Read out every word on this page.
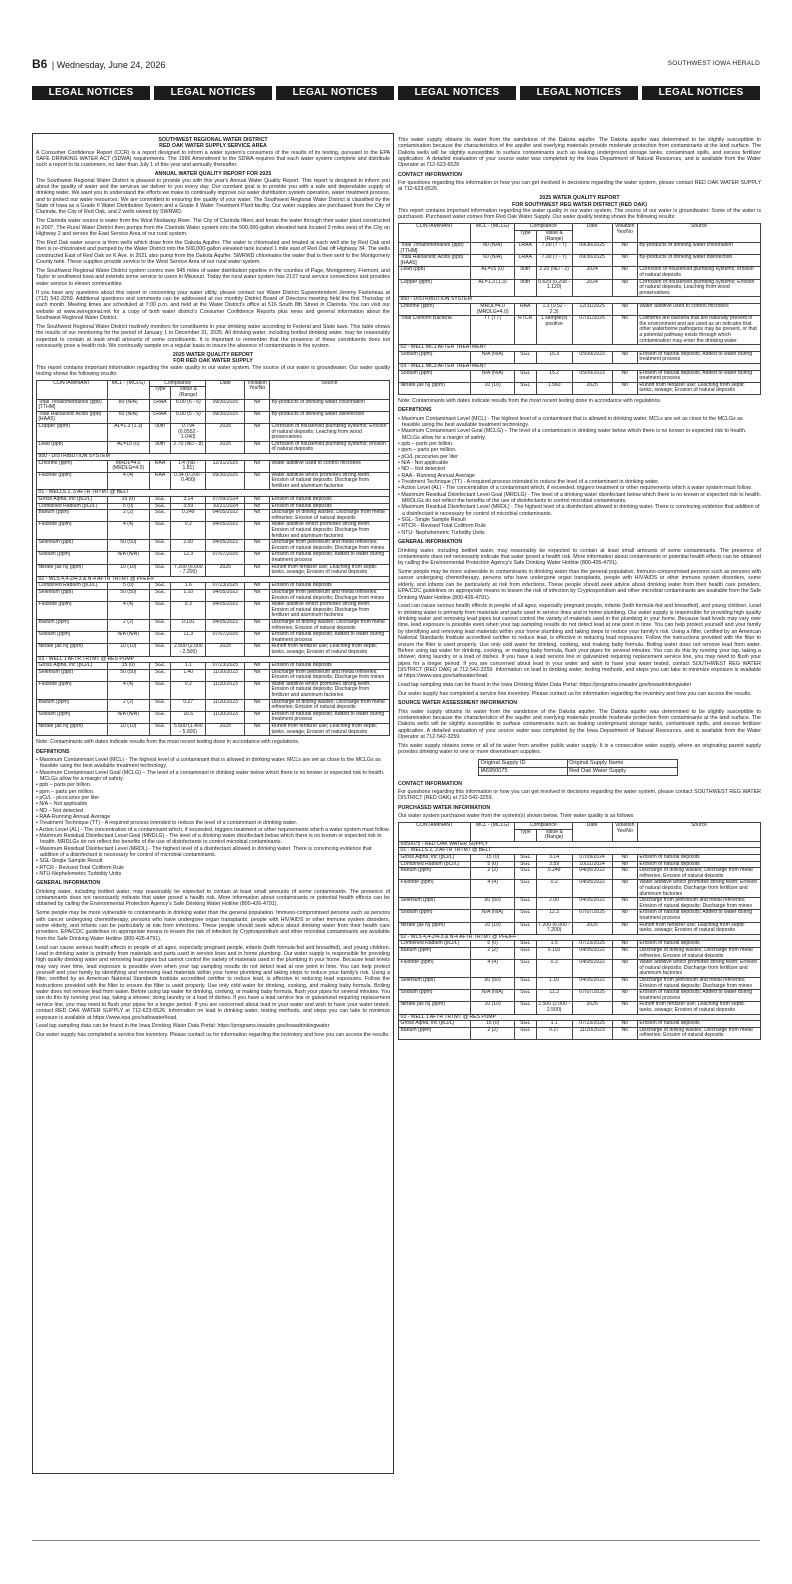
B6 | Wednesday, June 24, 2026	SOUTHWEST IOWA HERALD
LEGAL NOTICES	LEGAL NOTICES	LEGAL NOTICES	LEGAL NOTICES	LEGAL NOTICES	LEGAL NOTICES
SOUTHWEST REGIONAL WATER DISTRICT
RED OAK WATER SUPPLY SERVICE AREA

A Consumer Confidence Report (CCR) is a report designed to inform a water system's consumers of the results of its testing, pursuant to the EPA SAFE DRINKING WATER ACT (SDWA) requirements. The 1996 Amendment to the SDWA requires that each water system complete and distribute such a report to its customers, no later than July 1 of this year and annually thereafter.

ANNUAL WATER QUALITY REPORT FOR 2025

The Southwest Regional Water District is pleased to provide you with this year's Annual Water Quality Report. This report is designed to inform you about the quality of water and the services we deliver to you every day. Our constant goal is to provide you with a safe and dependable supply of drinking water. We want you to understand the efforts we make to continually improve our water distribution system operation, water treatment process, and to protect our water resources. We are committed to ensuring the quality of your water. The Southwest Regional Water District is classified by the State of Iowa as a Grade II Water Distribution System and a Grade II Water Treatment Plant facility. Our water supplies are purchased from the City of Clarinda, the City of Red Oak, and 2 wells owned by SWRWD.

The Clarinda water source is water from the West Nodaway River. The City of Clarinda filters and treats the water through their water plant constructed in 2007. The Rural Water District then pumps from the Clarinda Water system into the 500,000-gallon elevated tank located 3 miles west of the City on Highway 2 and serves the East Service Area of our rural system.

The Red Oak water source is from wells which draw from the Dakota Aquifer. The water is chlorinated and treated at each well site by Red Oak and then is re-chlorinated and pumped by the Water District into the 500,000-gallon elevated tank located 1 mile east of Red Oak off Highway 34. The wells constructed East of Red Oak on K Ave. in 2021 also pump from the Dakota Aquifer. SWRWD chlorinates the water that is then sent to the Montgomery County tank. These supplies provide service to the West Service Area of our rural water system.

The Southwest Regional Water District system covers over 945 miles of water distribution pipeline in the counties of Page, Montgomery, Fremont, and Taylor in southwest Iowa and extends some service to users in Missouri. Today the rural water system has 2137 rural service connections and provides water service to eleven communities.

If you have any questions about this report or concerning your water utility, please contact our Water District Superintendent Jeremy Fasteneau at (712) 542-3259. Additional questions and comments can be addressed at our monthly District Board of Directors meeting held the first Thursday of each month. Meeting times are scheduled at 7:00 p.m. and held at the Water District's office at 516 South 8th Street in Clarinda. You can visit our website at www.swregional.net for a copy of both water district's Consumer Confidence Reports plus news and general information about the Southwest Regional Water District.

The Southwest Regional Water District routinely monitors for constituents in your drinking water according to Federal and State laws. This table shows the results of our monitoring for the period of January 1 to December 31, 2025. All drinking water, including bottled drinking water, may be reasonably expected to contain at least small amounts of some constituents. It is important to remember that the presence of these constituents does not necessarily pose a health risk. We continually sample on a regular basis to insure the absence of contaminants in the system.

2025 WATER QUALITY REPORT
FOR RED OAK WATER SUPPLY

This report contains important information regarding the water quality in our water system. The source of our water is groundwater. Our water quality testing shows the following results:

CONTAMINANT	MCL - (MCLG)	Compliance		Date	Violation Yes/No	Source
		Type	Value & (Range)			
Total Trihalomethanes (ppb) [TTHM]	80 (N/A)	LRAA	6.00 (6 - 6)	09/30/2025	No	By-products of drinking water chlorination
Total Haloacetic Acids (ppb) [HAA5]	60 (N/A)	LRAA	5.00 (5 - 5)	09/30/2025	No	By-products of drinking water disinfection
Copper (ppm)	AL=1.3 (1.3)	90th	0.794 (0.0552 - 1.040)	2025	No	Corrosion of household plumbing systems; Erosion of natural deposits; Leaching from wood preservatives
Lead (ppb)	AL=15 (0)	90th	2.70 (ND - 8)	2025	No	Corrosion of household plumbing systems; erosion of natural deposits
950 - DISTRIBUTION SYSTEM						
Chlorine (ppm)	MRDL=4.0 (MRDLG=4.0)	RAA	1.4 (ND - 1.81)	12/31/2025	No	Water additive used to control microbes
Fluoride (ppm)	4 (4)	RAA	0.34 (0.200 - 0.400)	09/30/2025	No	Water additive which promotes strong teeth; Erosion of natural deposits; Discharge from fertilizer and aluminum factories
01 - WELLS 2, 3 AFTR TRTMT @ BELT						
Gross Alpha, inc (pCi/L)	15 (0)	SGL	3.14	07/09/2024	No	Erosion of natural deposits
Combined Radium (pCi/L)	5 (0)	SGL	3.59	10/21/2024	No	Erosion of natural deposits
Barium (ppm)	2 (2)	SGL	0.249	04/05/2022	No	Discharge of drilling wastes; Discharge from metal refineries; Erosion of natural deposits
Fluoride (ppm)	4 (4)	SGL	0.2	04/05/2022	No	Water additive which promotes strong teeth; Erosion of natural deposits; Discharge from fertilizer and aluminum factories
Selenium (ppb)	50 (50)	SGL	2.00	04/05/2022	No	Discharge from petroleum and metal refineries; Erosion of natural deposits; Discharge from mines
Sodium (ppm)	N/A (N/A)	SGL	12.3	07/07/2025	No	Erosion of natural deposits; Added to water during treatment process
Nitrate [as N] (ppm)	10 (10)	SGL	7.200 (6.000 - 7.200)	2025	No	Runoff from fertilizer use; Leaching from septic tanks, sewage; Erosion of natural deposits
02 - WLS 4,4-2/4-3 & N-4 AFTR TRTMT @ PFEIFF						
Combined Radium (pCi/L)	5 (0)	SGL	1.6	07/23/2025	No	Erosion of natural deposits
Selenium (ppb)	50 (50)	SGL	1.10	04/05/2022	No	Discharge from petroleum and metal refineries; Erosion of natural deposits; Discharge from mines
Fluoride (ppm)	4 (4)	SGL	0.3	04/05/2022	No	Water additive which promotes strong teeth; Erosion of natural deposits; Discharge from fertilizer and aluminum factories
Barium (ppm)	2 (2)	SGL	0.191	04/05/2022	No	Discharge of drilling wastes; Discharge from metal refineries; Erosion of natural deposits
Sodium (ppm)	N/A (N/A)	SGL	11.3	07/07/2025	No	Erosion of natural deposits; Added to water during treatment process
Nitrate [as N] (ppm)	10 (10)	SGL	2.500 (2.000 - 2.500)	2025	No	Runoff from fertilizer use; Leaching from septic tanks, sewage; Erosion of natural deposits
03 - WELL 1 AFTR TRTMT @ RES PUMP						
Gross Alpha, inc (pCi/L)	15 (0)	SGL	1.1	07/23/2025	No	Erosion of natural deposits
Selenium (ppb)	50 (50)	SGL	1.40	11/20/2023	No	Discharge from petroleum and metal refineries; Erosion of natural deposits; Discharge from mines
Fluoride (ppm)	4 (4)	SGL	0.2	11/20/2023	No	Water additive which promotes strong teeth; Erosion of natural deposits; Discharge from fertilizer and aluminum factories
Barium (ppm)	2 (2)	SGL	0.27	11/20/2023	No	Discharge of drilling wastes; Discharge from metal refineries; Erosion of natural deposits
Sodium (ppm)	N/A (N/A)	SGL	16.6	11/20/2023	No	Erosion of natural deposits; Added to water during treatment process
Nitrate [as N] (ppm)	10 (10)	SGL	5.600 (1.400 - 5.600)	2025	No	Runoff from fertilizer use; Leaching from septic tanks, sewage; Erosion of natural deposits

Note: Contaminants with dates indicate results from the most recent testing done in accordance with regulations.

DEFINITIONS
• Maximum Contaminant Level (MCL) - The highest level of a contaminant that is allowed in drinking water. MCLs are set as close to the MCLGs as feasible using the best available treatment technology.
• Maximum Contaminant Level Goal (MCLG) – The level of a contaminant in drinking water below which there is no known or expected risk to health. MCLGs allow for a margin of safety.
• ppb – parts per billion.
• ppm – parts per million.
• pCi/L - picocuries per liter
• N/A – Not applicable
• ND – Not detected
• RAA-Running Annual Average
• Treatment Technique (TT) - A required process intended to reduce the level of a contaminant in drinking water.
• Action Level (AL) - The concentration of a contaminant which, if exceeded, triggers treatment or other requirements which a water system must follow.
• Maximum Residual Disinfectant Level Goal (MRDLG) - The level of a drinking water disinfectant below which there is no known or expected risk to health. MRDLGs do not reflect the benefits of the use of disinfectants to control microbial contaminants.
• Maximum Residual Disinfectant Level (MRDL) - The highest level of a disinfectant allowed in drinking water. There is convincing evidence that addition of a disinfectant is necessary for control of microbial contaminants.
• SGL-Single Sample Result
• RTCR - Revised Total Coliform Rule
• NTU-Nephelometric Turbidity Units
GENERAL INFORMATION

Drinking water, including bottled water, may reasonably be expected to contain at least small amounts of some contaminants. The presence of contaminants does not necessarily indicate that water posed a health risk. More information about contaminants or potential health effects can be obtained by calling the Environmental Protection Agency's Safe Drinking Water Hotline (800-426-4791).

Some people may be more vulnerable to contaminants in drinking water than the general population. Immuno-compromised persons such as persons with cancer undergoing chemotherapy, persons who have undergone organ transplants, people with HIV/AIDS or other immune system disorders, some elderly, and infants can be particularly at risk from infections. These people should seek advice about drinking water from their health care providers. EPA/CDC guidelines on appropriate means to lessen the risk of infection by Cryptosporidium and other microbial contaminants are available from the Safe Drinking Water Hotline (800-426-4791).

Lead can cause serious health effects in people of all ages, especially pregnant people, infants (both formula-fed and breastfed), and young children. Lead in drinking water is primarily from materials and parts used in service lines and in home plumbing. Our water supply is responsible for providing high quality drinking water and removing lead pipes but cannot control the variety of materials used in the plumbing in your home. Because lead levels may vary over time, lead exposure is possible even when your tap sampling results do not detect lead at one point in time. You can help protect yourself and your family by identifying and removing lead materials within your home plumbing and taking steps to reduce your family's risk. Using a filter, certified by an American National Standards Institute accredited certifier to reduce lead, is effective in reducing lead exposures. Follow the instructions provided with the filter to ensure the filter is used properly. Use only cold water for drinking, cooking, and making baby formula. Boiling water does not remove lead from water. Before using tap water for drinking, cooking, or making baby formula, flush your pipes for several minutes. You can do this by running your tap, taking a shower, doing laundry or a load of dishes. If you have a lead service line or galvanized requiring replacement service line, you may need to flush your pipes for a longer period. If you are concerned about lead in your water and wish to have your water tested, contact RED OAK WATER SUPPLY at 712-623-6526. Information on lead in drinking water, testing methods, and steps you can take to minimize exposure is available at https://www.epa.gov/safewater/lead.

Lead tap sampling data can be found in the Iowa Drinking Water Data Portal: https://programs.iowadnr.gov/iowadrinkingwater

Our water supply has completed a service line inventory. Please contact us for information regarding the inventory and how you can access the results.

This water supply obtains its water from the sandstone of the Dakota aquifer. The Dakota aquifer was determined to be slightly susceptible to contamination because the characteristics of the aquifer and overlying materials provide moderate protection from contaminants at the land surface. The Dakota wells will be slightly susceptible to surface contaminants such as leaking underground storage tanks, contaminant spills, and excess fertilizer application. A detailed evaluation of your source water was completed by the Iowa Department of Natural Resources, and is available from the Water Operator at 712-623-6526

CONTACT INFORMATION

For questions regarding this information or how you can get involved in decisions regarding the water system, please contact RED OAK WATER SUPPLY at 712-623-6526.

2025 WATER QUALITY REPORT
FOR SOUTHWEST REG WATER DISTRICT (RED OAK)

This report contains important information regarding the water quality in our water system. The source of our water is groundwater. Some of the water is purchased. Purchased water comes from Red Oak Water Supply. Our water quality testing shows the following results:

CONTAMINANT	MCL - (MCLG)	Compliance		Date	Violation Yes/No	Source
		Type	Value & (Range)			
Total Trihalomethanes (ppb) [TTHM]	80 (N/A)	LRAA	7.00 (7 - 7)	09/30/2025	No	By-products of drinking water chlorination
Total Haloacetic Acids (ppb) [HAA5]	60 (N/A)	LRAA	7.00 (7 - 7)	09/30/2025	No	By-products of drinking water disinfection
Lead (ppb)	AL=15 (0)	90th	2.20 (ND - 2)	2024	No	Corrosion of household plumbing systems; erosion of natural deposits
Copper (ppm)	AL=1.3 (1.3)	90th	0.629 (0.208 - 1.120)	2024	No	Corrosion of household plumbing systems; Erosion of natural deposits; Leaching from wood preservatives
950 - DISTRIBUTION SYSTEM						
Chlorine (ppm)	MRDL=4.0 (MRDLG=4.0)	RAA	1.3 (0.52 - 2.3)	12/31/2025	No	Water additive used to control microbes
Total Coliform Bacteria	TT (TT)	RTCR	1 sample(s) positive	07/31/2025	No	Coliforms are bacteria that are naturally present in the environment and are used as an indicator that other waterborne pathogens may be present, or that a potential pathway exists through which contamination may enter the drinking water.
02 - WELL MC1 AFTER TREATMENT						
Sodium (ppm)	N/A (N/A)	SGL	15.3	05/09/2023	No	Erosion of natural deposits; Added to water during treatment process
03 - WELL MC3 AFTER TREATMENT						
Sodium (ppm)	N/A (N/A)	SGL	15.2	05/09/2023	No	Erosion of natural deposits; Added to water during treatment process
Nitrate [as N] (ppm)	10 (10)	SGL	1.560	2025	No	Runoff from fertilizer use; Leaching from septic tanks, sewage; Erosion of natural deposits

Note: Contaminants with dates indicate results from the most recent testing done in accordance with regulations.

DEFINITIONS
• Maximum Contaminant Level (MCL) - The highest level of a contaminant that is allowed in drinking water. MCLs are set as close to the MCLGs as feasible using the best available treatment technology.
• Maximum Contaminant Level Goal (MCLG) – The level of a contaminant in drinking water below which there is no known or expected risk to health. MCLGs allow for a margin of safety.
• ppb – parts per billion.
• ppm – parts per million.
• pCi/L picocuries per liter
• N/A - Not applicable
• ND – Not detected
• RAA - Running Annual Average
• Treatment Technique (TT) - A required process intended to reduce the level of a contaminant in drinking water.
• Action Level (AL) - The concentration of a contaminant which, if exceeded, triggers treatment or other requirements which a water system must follow.
• Maximum Residual Disinfectant Level Goal (MRDLG) - The level of a drinking water disinfectant below which there is no known or expected risk to health. MRDLGs do not reflect the benefits of the use of disinfectants to control microbial contaminants.
• Maximum Residual Disinfectant Level (MRDL) - The highest level of a disinfectant allowed in drinking water. There is convincing evidence that addition of a disinfectant is necessary for control of microbial contaminants.
• SGL- Single Sample Result
• RTCR - Revised Total Coliform Rule
• NTU- Nephelometric Turbidity Units
GENERAL INFORMATION

Drinking water, including bottled water, may reasonably be expected to contain at least small amounts of some contaminants. The presence of contaminants does not necessarily indicate that water posed a health risk. More information about contaminants or potential health effects can be obtained by calling the Environmental Protection Agency's Safe Drinking Water Hotline (800-426-4791).

Some people may be more vulnerable to contaminants in drinking water than the general population. Immuno-compromised persons such as persons with cancer undergoing chemotherapy, persons who have undergone organ transplants, people with HIV/AIDS or other immune system disorders, some elderly, and infants can be particularly at risk from infections. These people should seek advice about drinking water from their health care providers. EPA/CDC guidelines on appropriate means to lessen the risk of infection by Cryptosporidium and other microbial contaminants are available from the Safe Drinking Water Hotline (800-426-4791).

Lead can cause serious health effects in people of all ages, especially pregnant people, infants (both formula-fed and breastfed), and young children. Lead in drinking water is primarily from materials and parts used in service lines and in home plumbing. Our water supply is responsible for providing high quality drinking water and removing lead pipes but cannot control the variety of materials used in the plumbing in your home. Because lead levels may vary over time, lead exposure is possible even when your tap sampling results do not detect lead at one point in time. You can help protect yourself and your family by identifying and removing lead materials within your home plumbing and taking steps to reduce your family's risk. Using a filter, certified by an American National Standards Institute accredited certifier to reduce lead, is effective in reducing lead exposures. Follow the instructions provided with the filter to ensure the filter is used properly. Use only cold water for drinking, cooking, and making baby formula. Boiling water does not remove lead from water. Before using tap water for drinking, cooking, or making baby formula, flush your pipes for several minutes. You can do this by running your tap, taking a shower, doing laundry or a load of dishes. If you have a lead service line or galvanized requiring replacement service line, you may need to flush your pipes for a longer period. If you are concerned about lead in your water and wish to have your water tested, contact SOUTHWEST REG WATER DISTRICT (RED OAK) at 712-542-3259. Information on lead in drinking water, testing methods, and steps you can take to minimize exposure is available at https://www.epa.gov/safewater/lead.

Lead tap sampling data can be found in the Iowa Drinking Water Data Portal: https://programs.iowadnr.gov/iowadrinkingwater

Our water supply has completed a service line inventory. Please contact us for information regarding the inventory and how you can access the results.

SOURCE WATER ASSESSMENT INFORMATION

This water supply obtains its water from the sandstone of the Dakota aquifer. The Dakota aquifer was determined to be slightly susceptible to contamination because the characteristics of the aquifer and overlying materials provide moderate protection from contaminants at the land surface. The Dakota wells will be slightly susceptible to surface contaminants such as leaking underground storage tanks, contaminant spills, and excess fertilizer application. A detailed evaluation of your source water was completed by the Iowa Department of Natural Resources, and is available from the Water Operator at 712-542-3259.

This water supply obtains some or all of its water from another public water supply. It is a consecutive water supply, where an originating parent supply provides drinking water to one or more downstream supplies.

Original Supply ID	Original Supply Name
IA6950075	Red Oak Water Supply
CONTACT INFORMATION

For questions regarding this information or how you can get involved in decisions regarding the water system, please contact SOUTHWEST REG WATER DISTRICT (RED OAK) at 712-542-3259.

PURCHASED WATER INFORMATION

Our water system purchases water from the system(s) shown below. Their water quality is as follows:

CONTAMINANT	MCL - (MCLG)	Compliance		Date	Violation Yes/No	Source
		Type	Value & (Range)			
6950075 - RED OAK WATER SUPPLY						
01 - WELLS 2, 3 AFTR TRTMT @ BELT						
Gross Alpha, inc (pCi/L)	15 (0)	SGL	3.14	07/09/2024	No	Erosion of natural deposits
Combined Radium (pCi/L)	5 (0)	SGL	3.59	10/21/2024	No	Erosion of natural deposits
Barium (ppm)	2 (2)	SGL	0.249	04/05/2022	No	Discharge of drilling wastes; Discharge from metal refineries; Erosion of natural deposits
Fluoride (ppm)	4 (4)	SGL	0.2	04/05/2022	No	Water additive which promotes strong teeth; Erosion of natural deposits; Discharge from fertilizer and aluminum factories
Selenium (ppb)	50 (50)	SGL	2.00	04/05/2022	No	Discharge from petroleum and metal refineries; Erosion of natural deposits; Discharge from mines
Sodium (ppm)	N/A (N/A)	SGL	12.3	07/07/2025	No	Erosion of natural deposits; Added to water during treatment process
Nitrate [as N] (ppm)	10 (10)	SGL	7.200 (6.000 - 7.200)	2025	No	Runoff from fertilizer use; Leaching from septic tanks, sewage; Erosion of natural deposits
02 - WLS 4,4-2/4-3 & N-4 AFTR TRTMT @ PFEIFF						
Combined Radium (pCi/L)	5 (0)	SGL	1.5	07/23/2025	No	Erosion of natural deposits
Barium (ppm)	2 (2)	SGL	0.191	04/05/2022	No	Discharge of drilling wastes; Discharge from metal refineries; Erosion of natural deposits
Fluoride (ppm)	4 (4)	SGL	0.3	04/05/2022	No	Water additive which promotes strong teeth; Erosion of natural deposits; Discharge from fertilizer and aluminum factories
Selenium (ppb)	50 (50)	SGL	1.10	04/05/2022	No	Discharge from petroleum and metal refineries; Erosion of natural deposits; Discharge from mines
Sodium (ppm)	N/A (N/A)	SGL	11.3	07/07/2025	No	Erosion of natural deposits; Added to water during treatment process
Nitrate [as N] (ppm)	10 (10)	SGL	2.500 (2.000 - 2.500)	2025	No	Runoff from fertilizer use; Leaching from septic tanks, sewage; Erosion of natural deposits
03 - WELL 1 AFTR TRTMT @ RES PUMP						
Gross Alpha, inc (pCi/L)	15 (0)	SGL	1.1	07/23/2025	No	Erosion of natural deposits
Barium (ppm)	2 (2)	SGL	0.27	11/20/2023	No	Discharge of drilling wastes; Discharge from metal refineries; Erosion of natural deposits
